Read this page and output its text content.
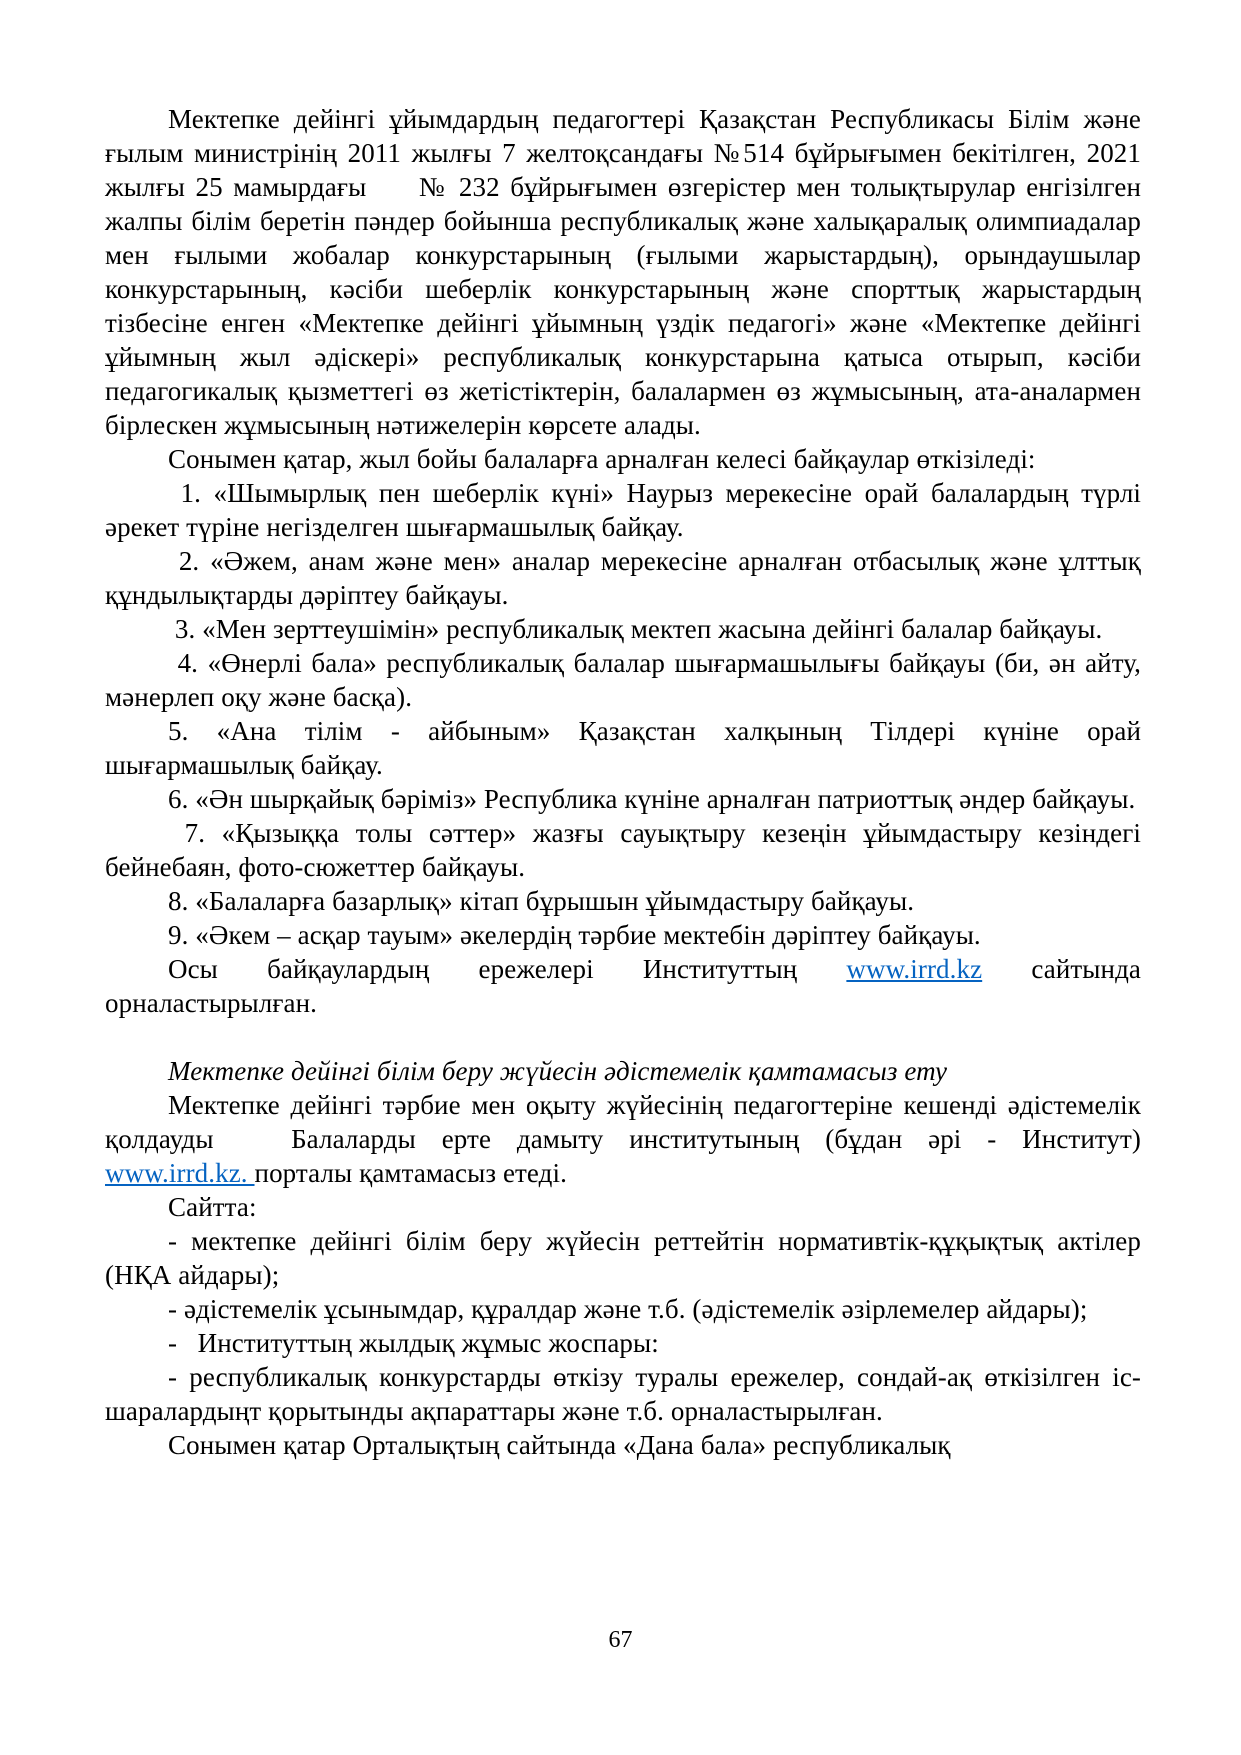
Мектепке дейінгі ұйымдардың педагогтері Қазақстан Республикасы Білім және ғылым министрінің 2011 жылғы 7 желтоқсандағы №514 бұйрығымен бекітілген, 2021 жылғы 25 мамырдағы     № 232 бұйрығымен өзгерістер мен толықтырулар енгізілген жалпы білім беретін пәндер бойынша республикалық және халықаралық олимпиадалар мен ғылыми жобалар конкурстарының (ғылыми жарыстардың), орындаушылар конкурстарының, кәсіби шеберлік конкурстарының және спорттық жарыстардың тізбесіне енген «Мектепке дейінгі ұйымның үздік педагогі» және «Мектепке дейінгі ұйымның жыл әдіскері» республикалық конкурстарына қатыса отырып, кәсіби педагогикалық қызметтегі өз жетістіктерін, балалармен өз жұмысының, ата-аналармен бірлескен жұмысының нәтижелерін көрсете алады.

Сонымен қатар, жыл бойы балаларға арналған келесі байқаулар өткізіледі:

1. «Шымырлық пен шеберлік күні» Наурыз мерекесіне орай балалардың түрлі әрекет түріне негізделген шығармашылық байқау.

2. «Әжем, анам және мен» аналар мерекесіне арналған отбасылық және ұлттық құндылықтарды дәріптеу байқауы.

3. «Мен зерттеушімін» республикалық мектеп жасына дейінгі балалар байқауы.

4. «Өнерлі бала» республикалық балалар шығармашылығы байқауы (би, ән айту, мәнерлеп оқу және басқа).

5. «Ана тілім - айбыным» Қазақстан халқының Тілдері күніне орай шығармашылық байқау.

6. «Ән шырқайық бәріміз» Республика күніне арналған патриоттық әндер байқауы.

7. «Қызыққа толы сәттер» жазғы сауықтыру кезеңін ұйымдастыру кезіндегі бейнебаян, фото-сюжеттер байқауы.

8. «Балаларға базарлық» кітап бұрышын ұйымдастыру байқауы.

9. «Әкем – асқар тауым» әкелердің тәрбие мектебін дәріптеу байқауы.

Осы байқаулардың ережелері Институттың www.irrd.kz сайтында орналастырылған.

Мектепке дейінгі білім беру жүйесін әдістемелік қамтамасыз ету

Мектепке дейінгі тәрбие мен оқыту жүйесінің педагогтеріне кешенді әдістемелік қолдауды   Балаларды ерте дамыту институтының (бұдан әрі - Институт) www.irrd.kz. порталы қамтамасыз етеді.

Сайтта:

- мектепке дейінгі білім беру жүйесін реттейтін нормативтік-құқықтық актілер (НҚА айдары);

- әдістемелік ұсынымдар, құралдар және т.б. (әдістемелік әзірлемелер айдары);

-   Институттың жылдық жұмыс жоспары:

- республикалық конкурстарды өткізу туралы ережелер, сондай-ақ өткізілген іс-шаралардыңт қорытынды ақпараттары және т.б. орналастырылған.

Сонымен қатар Орталықтың сайтында «Дана бала» республикалық

67
